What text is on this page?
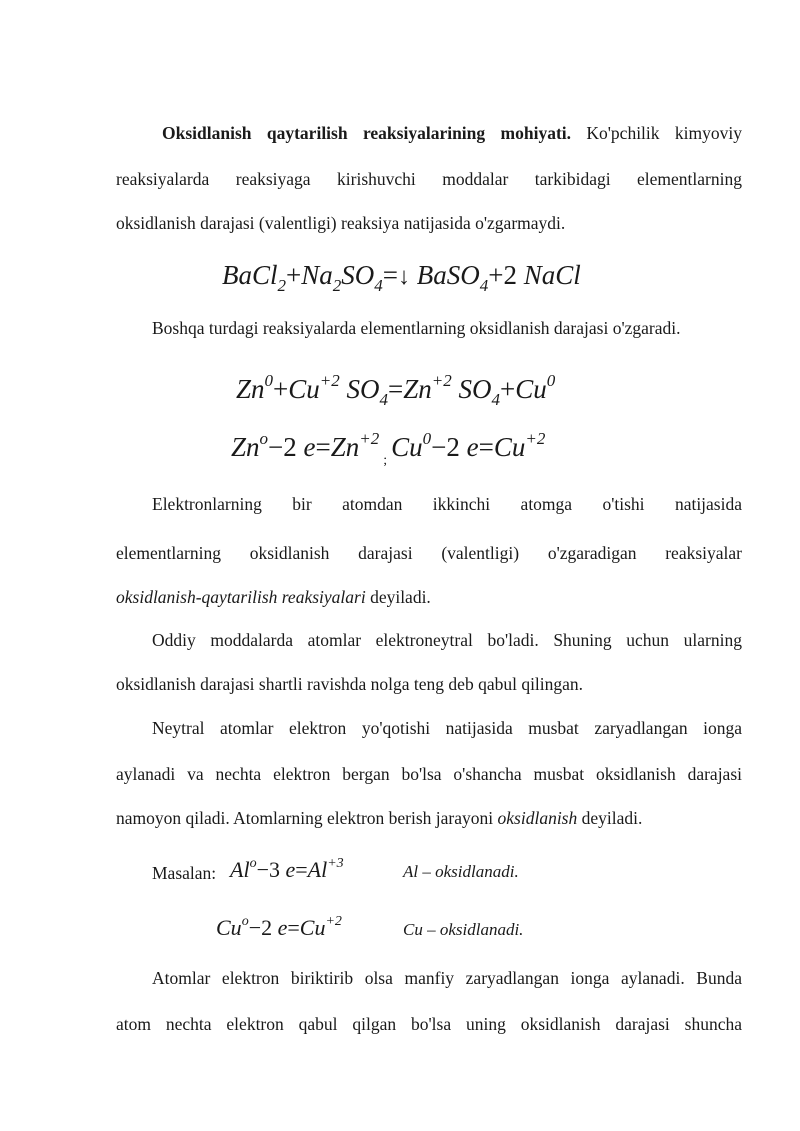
Oksidlanish qaytarilish reaksiyalarining mohiyati. Ko'pchilik kimyoviy
reaksiyalarda reaksiyaga kirishuvchi moddalar tarkibidagi elementlarning
oksidlanish darajasi (valentligi) reaksiya natijasida o'zgarmaydi.
$BaCl_2+Na_2SO_4=↓$ BaSO$_4$+2 NaCl
Boshqa turdagi reaksiyalarda elementlarning oksidlanish darajasi o'zgaradi.
$Zn^0+Cu^{+2}$ $SO_4=Zn^{+2}$ $SO_4+Cu^0$
$Zn^o-2$ $e=Zn^{+2}_;$ $Cu^0-2$ $e=Cu^{+2}$
Elektronlarning bir atomdan ikkinchi atomga o'tishi natijasida
elementlarning oksidlanish darajasi (valentligi) o'zgaradigan reaksiyalar
oksidlanish-qaytarilish reaksiyalari deyiladi.
Oddiy moddalarda atomlar elektroneytral bo'ladi. Shuning uchun ularning
oksidlanish darajasi shartli ravishda nolga teng deb qabul qilingan.
Neytral atomlar elektron yo'qotishi natijasida musbat zaryadlangan ionga
aylanadi va nechta elektron bergan bo'lsa o'shancha musbat oksidlanish darajasi
namoyon qiladi. Atomlarning elektron berish jarayoni oksidlanish deyiladi.
Masalan: $Al^o-3$ $e=Al^{+3}$	Al – oksidlanadi.
$Cu^o-2$ $e=Cu^{+2}$	Cu – oksidlanadi.
Atomlar elektron biriktirib olsa manfiy zaryadlangan ionga aylanadi. Bunda
atom nechta elektron qabul qilgan bo'lsa uning oksidlanish darajasi shuncha
